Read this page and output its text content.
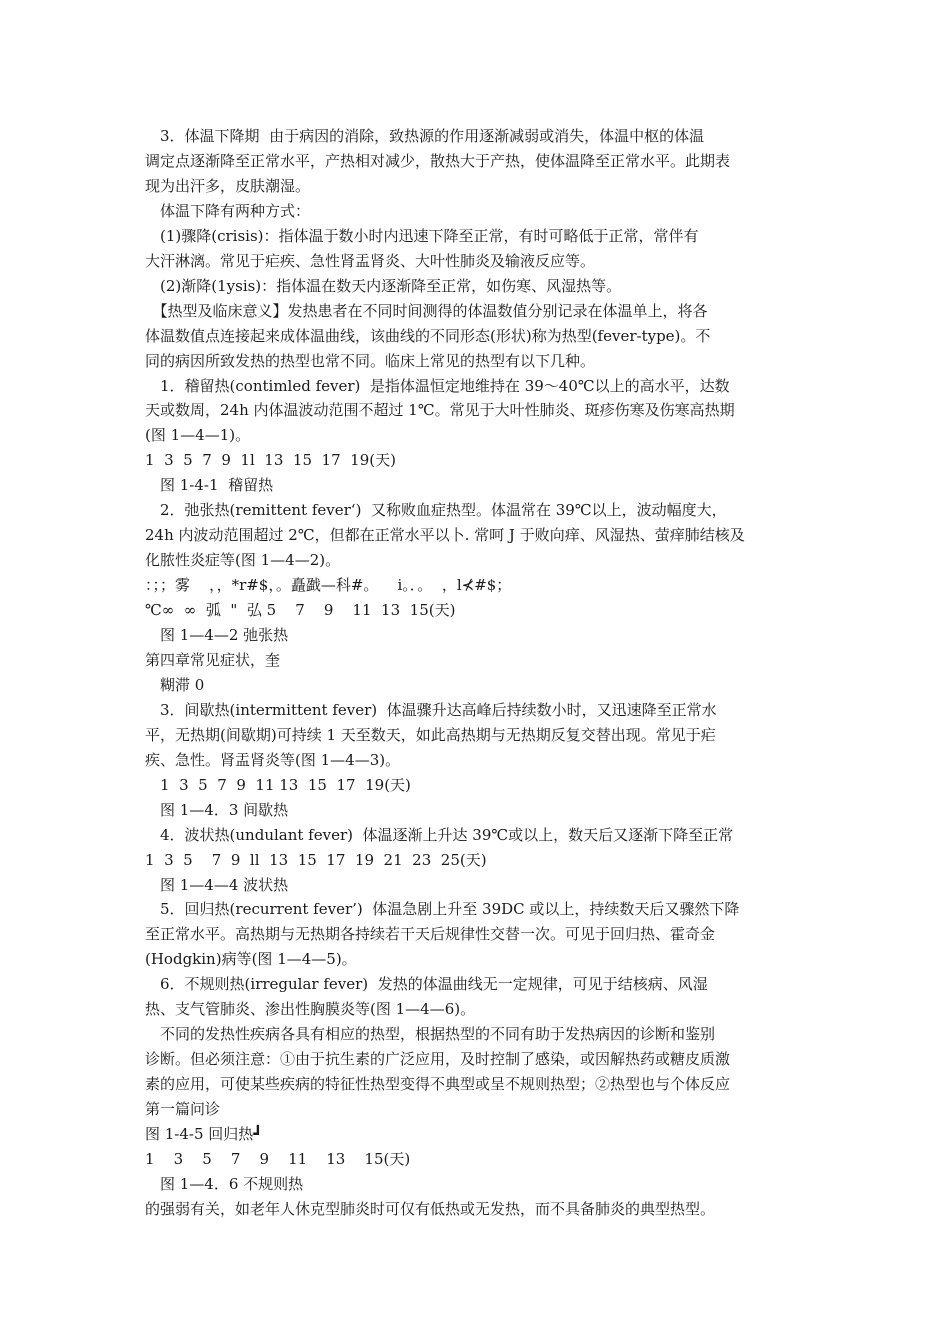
　3．体温下降期  由于病因的消除，致热源的作用逐渐减弱或消失，体温中枢的体温
调定点逐渐降至正常水平，产热相对减少，散热大于产热，使体温降至正常水平。此期表
现为出汗多，皮肤潮湿。
　体温下降有两种方式：
　(1)骤降(crisis)：指体温于数小时内迅速下降至正常，有时可略低于正常，常伴有
大汗淋漓。常见于疟疾、急性肾盂肾炎、大叶性肺炎及输液反应等。
　(2)渐降(1ysis)：指体温在数天内逐渐降至正常，如伤寒、风湿热等。
　【热型及临床意义】发热患者在不同时间测得的体温数值分别记录在体温单上，将各
体温数值点连接起来成体温曲线，该曲线的不同形态(形状)称为热型(fever-type)。不
同的病因所致发热的热型也常不同。临床上常见的热型有以下几种。
　1．稽留热(contimled fever)  是指体温恒定地维持在 39～40℃以上的高水平，达数
天或数周，24h 内体温波动范围不超过 1℃。常见于大叶性肺炎、斑疹伤寒及伤寒高热期
(图 1—4—1)。
1  3  5  7  9  1l  13  15  17  19(天)
　图 1-4-1  稽留热
　2．弛张热(remittent fever‘)  又称败血症热型。体温常在 39℃以上，波动幅度大，
24h 内波动范围超过 2℃，但都在正常水平以卜. 常呵 J 于败向痒、风湿热、萤痒肺结核及
化脓性炎症等(图 1—4—2)。
：；；雾    ，，*r#$，。矗戤—科#。    i。．。  ，l⊀#$；
℃∞  ∞  弧  "  弘 5    7    9    11  13  15(天)
　图 1—4—2 弛张热
第四章常见症状，奎
　糊滞 0
　3．间歇热(intermittent fever)  体温骤升达高峰后持续数小时，又迅速降至正常水
平，无热期(间歇期)可持续 1 天至数天，如此高热期与无热期反复交替出现。常见于疟
疾、急性。肾盂肾炎等(图 1—4—3)。
　1  3  5  7  9  11 13  15  17  19(天)
　图 1—4．3 间歇热
　4．波状热(undulant fever)  体温逐渐上升达 39℃或以上，数天后又逐渐下降至正常
1  3  5    7  9  ll  13  15  17  19  21  23  25(天)
　图 1—4—4 波状热
　5．回归热(recurrent fever’)  体温急剧上升至 39DC 或以上，持续数天后又骤然下降
至正常水平。高热期与无热期各持续若干天后规律性交替一次。可见于回归热、霍奇金
(Hodgkin)病等(图 1—4—5)。
　6．不规则热(irregular fever)  发热的体温曲线无一定规律，可见于结核病、风湿
热、支气管肺炎、渗出性胸膜炎等(图 1—4—6)。
　不同的发热性疾病各具有相应的热型，根据热型的不同有助于发热病因的诊断和鉴别
诊断。但必须注意：①由于抗生素的广泛应用，及时控制了感染，或因解热药或糖皮质激
素的应用，可使某些疾病的特征性热型变得不典型或呈不规则热型；②热型也与个体反应
第一篇问诊
图 1-4-5 回归热┛
1    3    5    7    9    11    13    15(天)
　图 1—4．6 不规则热
的强弱有关，如老年人休克型肺炎时可仅有低热或无发热，而不具备肺炎的典型热型。
